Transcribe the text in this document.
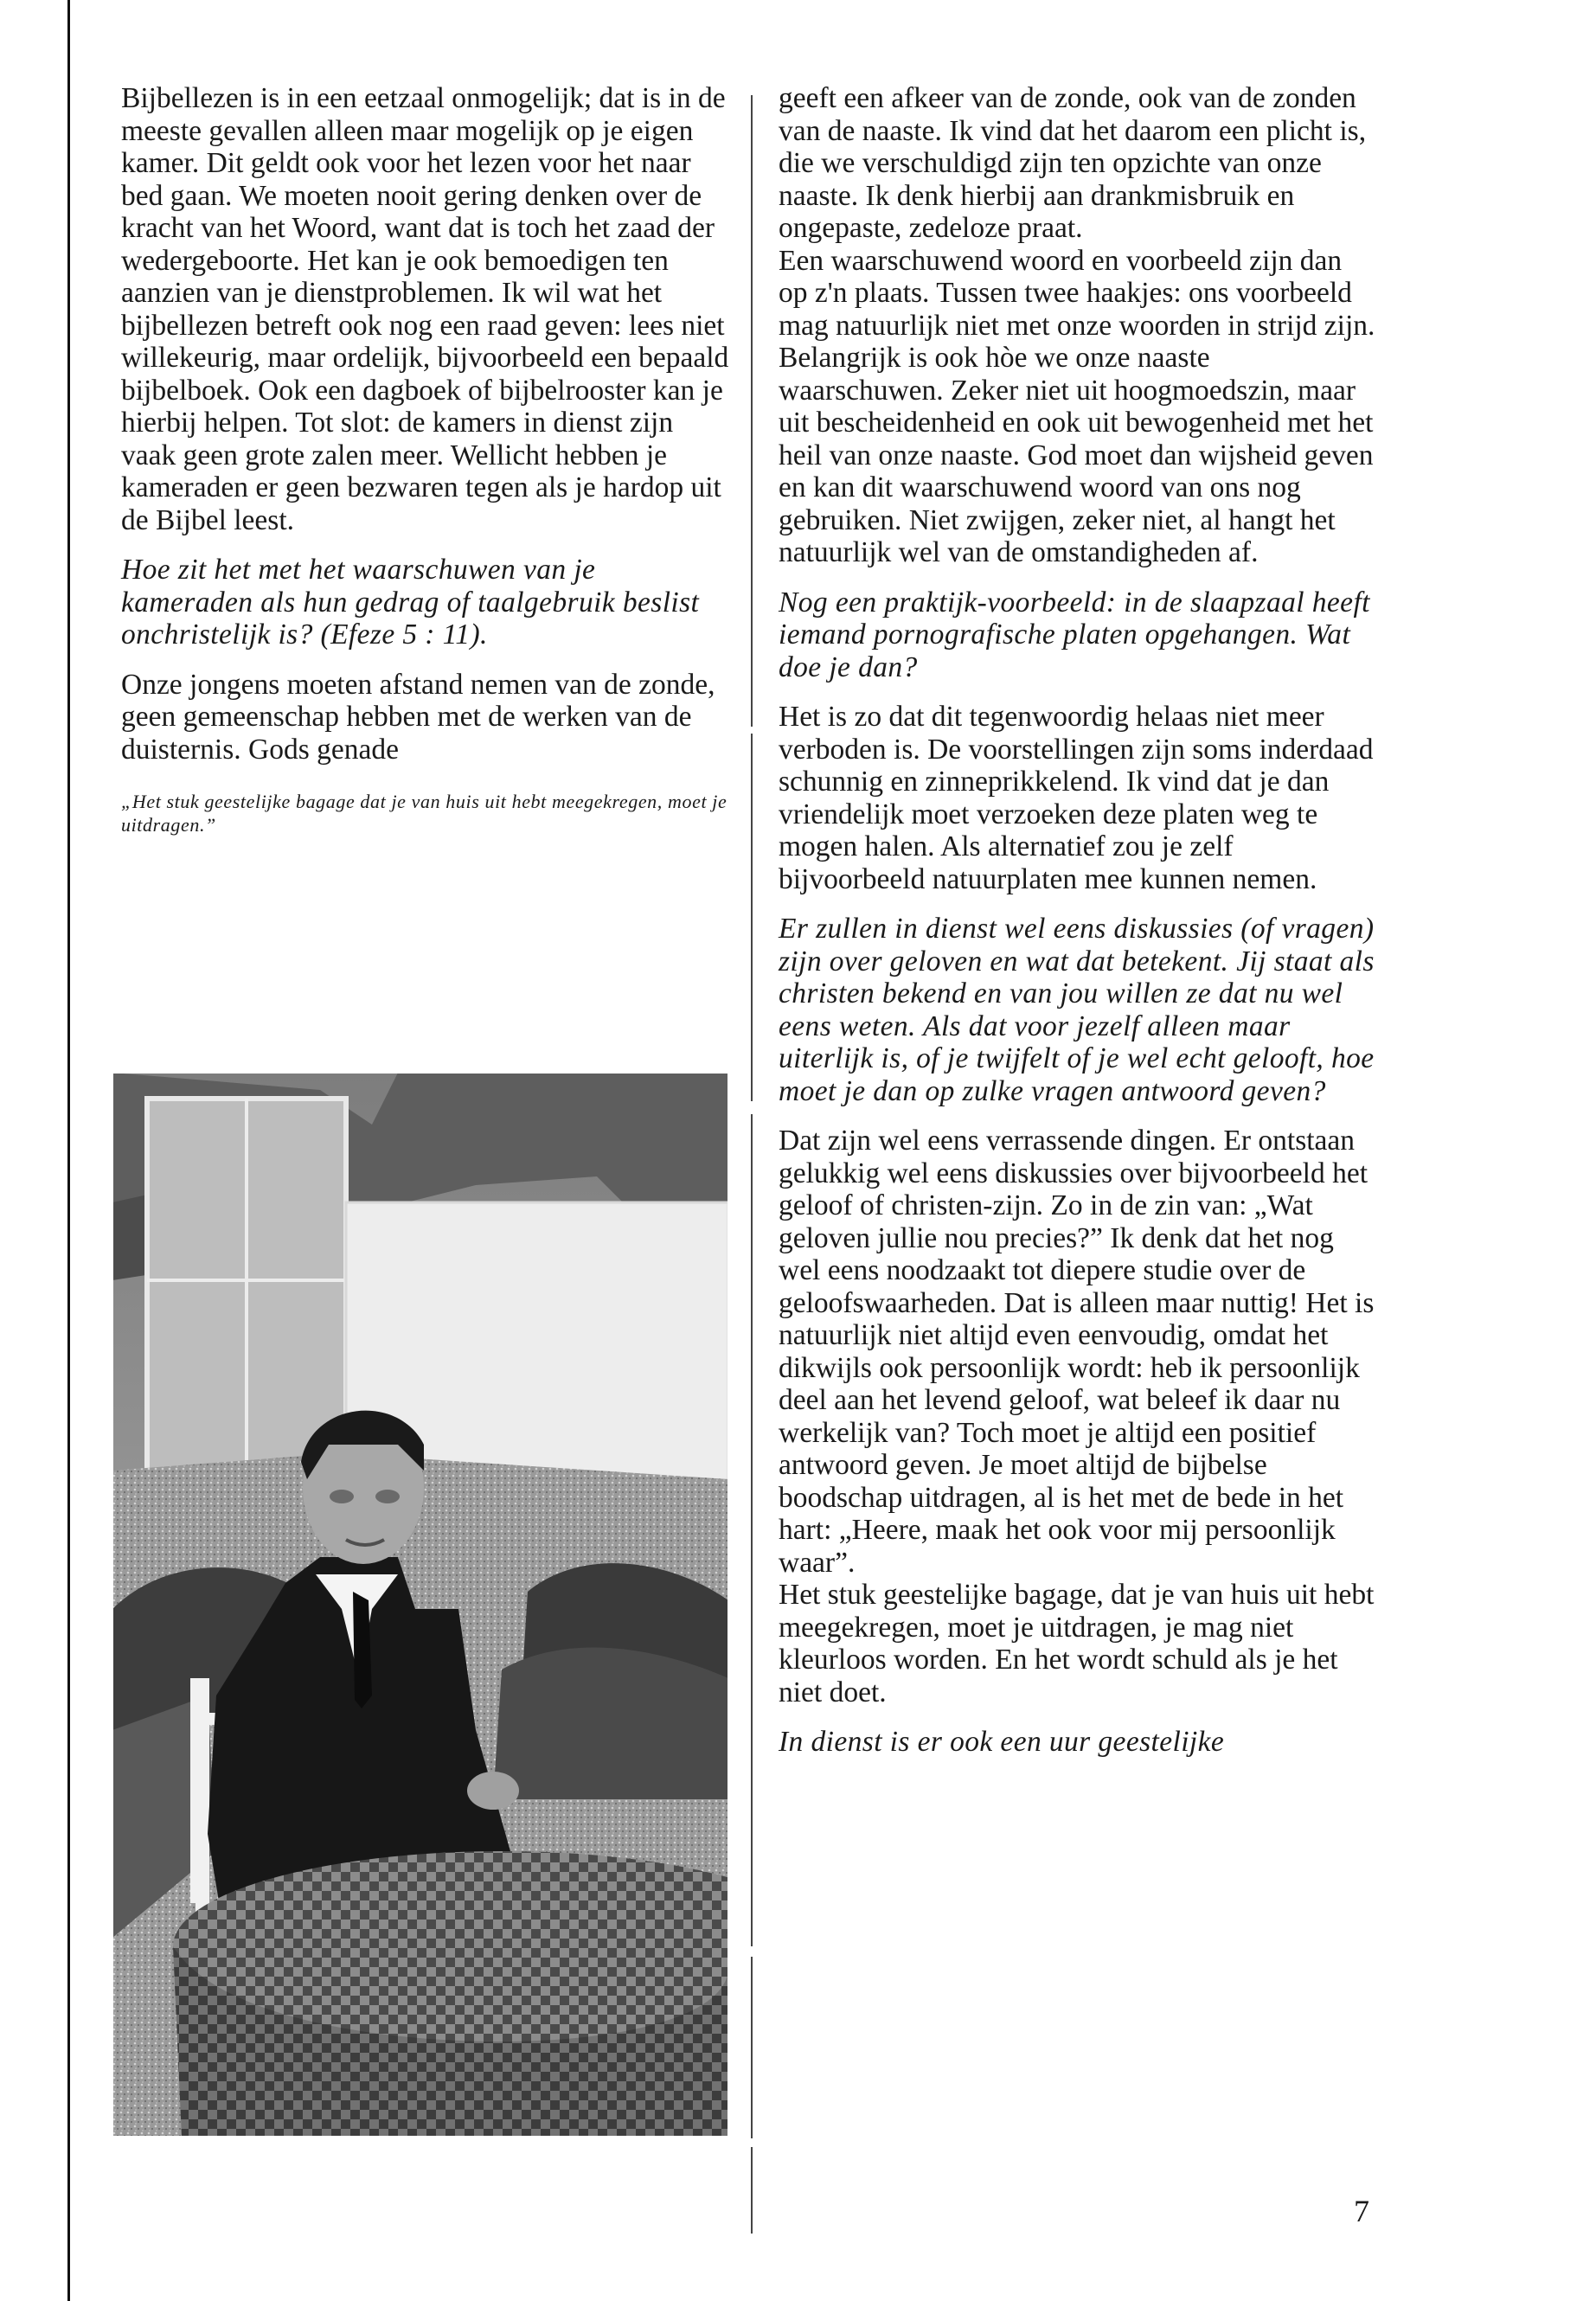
Bijbellezen is in een eetzaal onmogelijk; dat is in de meeste gevallen alleen maar mogelijk op je eigen kamer. Dit geldt ook voor het lezen voor het naar bed gaan. We moeten nooit gering denken over de kracht van het Woord, want dat is toch het zaad der wedergeboorte. Het kan je ook bemoedigen ten aanzien van je dienstproblemen. Ik wil wat het bijbellezen betreft ook nog een raad geven: lees niet willekeurig, maar ordelijk, bijvoorbeeld een bepaald bijbelboek. Ook een dagboek of bijbelrooster kan je hierbij helpen. Tot slot: de kamers in dienst zijn vaak geen grote zalen meer. Wellicht hebben je kameraden er geen bezwaren tegen als je hardop uit de Bijbel leest.

Hoe zit het met het waarschuwen van je kameraden als hun gedrag of taalgebruik beslist onchristelijk is? (Efeze 5 : 11).

Onze jongens moeten afstand nemen van de zonde, geen gemeenschap hebben met de werken van de duisternis. Gods genade

„Het stuk geestelijke bagage dat je van huis uit hebt meegekregen, moet je uitdragen.”

geeft een afkeer van de zonde, ook van de zonden van de naaste. Ik vind dat het daarom een plicht is, die we verschuldigd zijn ten opzichte van onze naaste. Ik denk hierbij aan drankmisbruik en ongepaste, zedeloze praat.

Een waarschuwend woord en voorbeeld zijn dan op z'n plaats. Tussen twee haakjes: ons voorbeeld mag natuurlijk niet met onze woorden in strijd zijn. Belangrijk is ook hòe we onze naaste waarschuwen. Zeker niet uit hoogmoedszin, maar uit bescheidenheid en ook uit bewogenheid met het heil van onze naaste. God moet dan wijsheid geven en kan dit waarschuwend woord van ons nog gebruiken. Niet zwijgen, zeker niet, al hangt het natuurlijk wel van de omstandigheden af.

Nog een praktijk-voorbeeld: in de slaapzaal heeft iemand pornografische platen opgehangen. Wat doe je dan?

Het is zo dat dit tegenwoordig helaas niet meer verboden is. De voorstellingen zijn soms inderdaad schunnig en zinneprikkelend. Ik vind dat je dan vriendelijk moet verzoeken deze platen weg te mogen halen. Als alternatief zou je zelf bijvoorbeeld natuurplaten mee kunnen nemen.

Er zullen in dienst wel eens diskussies (of vragen) zijn over geloven en wat dat betekent. Jij staat als christen bekend en van jou willen ze dat nu wel eens weten. Als dat voor jezelf alleen maar uiterlijk is, of je twijfelt of je wel echt gelooft, hoe moet je dan op zulke vragen antwoord geven?

Dat zijn wel eens verrassende dingen. Er ontstaan gelukkig wel eens diskussies over bijvoorbeeld het geloof of christen-zijn. Zo in de zin van: „Wat geloven jullie nou precies?” Ik denk dat het nog wel eens noodzaakt tot diepere studie over de geloofswaarheden. Dat is alleen maar nuttig! Het is natuurlijk niet altijd even eenvoudig, omdat het dikwijls ook persoonlijk wordt: heb ik persoonlijk deel aan het levend geloof, wat beleef ik daar nu werkelijk van? Toch moet je altijd een positief antwoord geven. Je moet altijd de bijbelse boodschap uitdragen, al is het met de bede in het hart: „Heere, maak het ook voor mij persoonlijk waar”.

Het stuk geestelijke bagage, dat je van huis uit hebt meegekregen, moet je uitdragen, je mag niet kleurloos worden. En het wordt schuld als je het niet doet.

In dienst is er ook een uur geestelijke

7
